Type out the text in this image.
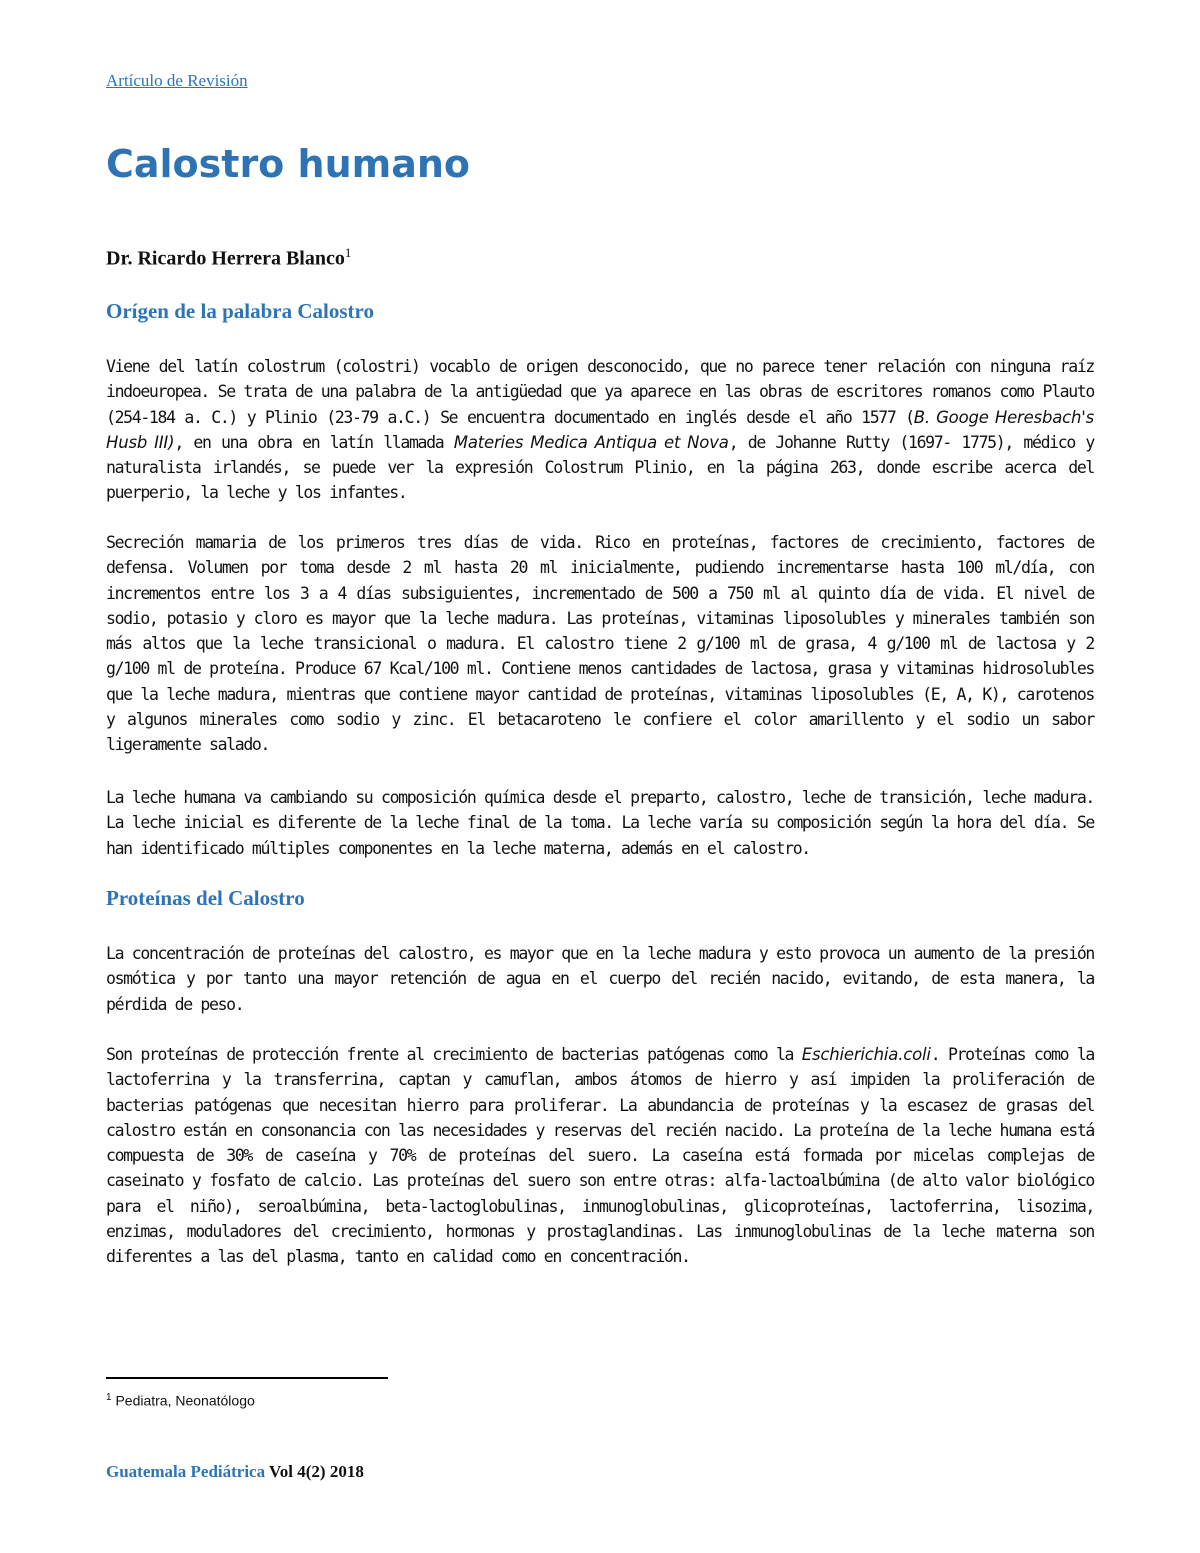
Artículo de Revisión
Calostro humano
Dr. Ricardo Herrera Blanco$^1$
Orígen de la palabra Calostro

Viene del latín colostrum (colostri) vocablo de origen desconocido, que no parece tener relación con ninguna raíz indoeuropea. Se trata de una palabra de la antigüedad que ya aparece en las obras de escritores romanos como Plauto (254-184 a. C.) y Plinio (23-79 a.C.) Se encuentra documentado en inglés desde el año 1577 (B. Googe Heresbach's Husb III), en una obra en latín llamada Materies Medica Antiqua et Nova, de Johanne Rutty (1697- 1775), médico y naturalista irlandés, se puede ver la expresión Colostrum Plinio, en la página 263, donde escribe acerca del puerperio, la leche y los infantes.

Secreción mamaria de los primeros tres días de vida. Rico en proteínas, factores de crecimiento, factores de defensa. Volumen por toma desde 2 ml hasta 20 ml inicialmente, pudiendo incrementarse hasta 100 ml/día, con incrementos entre los 3 a 4 días subsiguientes, incrementado de 500 a 750 ml al quinto día de vida. El nivel de sodio, potasio y cloro es mayor que la leche madura. Las proteínas, vitaminas liposolubles y minerales también son más altos que la leche transicional o madura. El calostro tiene 2 g/100 ml de grasa, 4 g/100 ml de lactosa y 2 g/100 ml de proteína. Produce 67 Kcal/100 ml. Contiene menos cantidades de lactosa, grasa y vitaminas hidrosolubles que la leche madura, mientras que contiene mayor cantidad de proteínas, vitaminas liposolubles (E, A, K), carotenos y algunos minerales como sodio y zinc. El betacaroteno le confiere el color amarillento y el sodio un sabor ligeramente salado.

La leche humana va cambiando su composición química desde el preparto, calostro, leche de transición, leche madura. La leche inicial es diferente de la leche final de la toma. La leche varía su composición según la hora del día. Se han identificado múltiples componentes en la leche materna, además en el calostro.

Proteínas del Calostro

La concentración de proteínas del calostro, es mayor que en la leche madura y esto provoca un aumento de la presión osmótica y por tanto una mayor retención de agua en el cuerpo del recién nacido, evitando, de esta manera, la pérdida de peso.

Son proteínas de protección frente al crecimiento de bacterias patógenas como la Eschierichia.coli. Proteínas como la lactoferrina y la transferrina, captan y camuflan, ambos átomos de hierro y así impiden la proliferación de bacterias patógenas que necesitan hierro para proliferar. La abundancia de proteínas y la escasez de grasas del calostro están en consonancia con las necesidades y reservas del recién nacido. La proteína de la leche humana está compuesta de 30% de caseína y 70% de proteínas del suero. La caseína está formada por micelas complejas de caseinato y fosfato de calcio. Las proteínas del suero son entre otras: alfa-lactoalbúmina (de alto valor biológico para el niño), seroalbúmina, beta-lactoglobulinas, inmunoglobulinas, glicoproteínas, lactoferrina, lisozima, enzimas, moduladores del crecimiento, hormonas y prostaglandinas. Las inmunoglobulinas de la leche materna son diferentes a las del plasma, tanto en calidad como en concentración.

$^1$ Pediatra, Neonatólogo
Guatemala Pediátrica Vol 4(2) 2018
